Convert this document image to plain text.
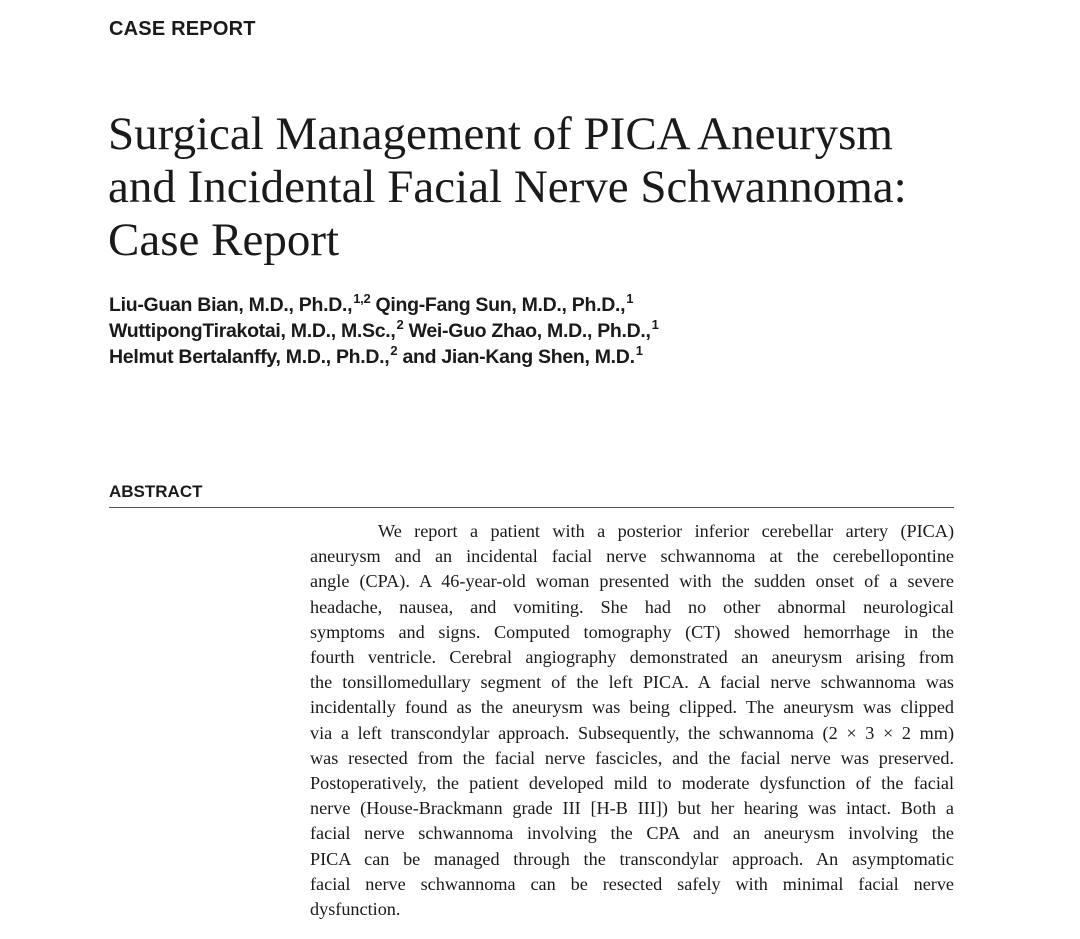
CASE REPORT
Surgical Management of PICA Aneurysm
and Incidental Facial Nerve Schwannoma:
Case Report
Liu-Guan Bian, M.D., Ph.D.,$^{1,2}$ Qing-Fang Sun, M.D., Ph.D.,$^1$
WuttipongTirakotai, M.D., M.Sc.,$^2$ Wei-Guo Zhao, M.D., Ph.D.,$^1$
Helmut Bertalanffy, M.D., Ph.D.,$^2$ and Jian-Kang Shen, M.D.$^1$
ABSTRACT
We report a patient with a posterior inferior cerebellar artery (PICA)
aneurysm and an incidental facial nerve schwannoma at the cerebellopontine
angle (CPA). A 46-year-old woman presented with the sudden onset of a severe
headache, nausea, and vomiting. She had no other abnormal neurological
symptoms and signs. Computed tomography (CT) showed hemorrhage in the
fourth ventricle. Cerebral angiography demonstrated an aneurysm arising from
the tonsillomedullary segment of the left PICA. A facial nerve schwannoma was
incidentally found as the aneurysm was being clipped. The aneurysm was clipped
via a left transcondylar approach. Subsequently, the schwannoma (2 × 3 × 2 mm)
was resected from the facial nerve fascicles, and the facial nerve was preserved.
Postoperatively, the patient developed mild to moderate dysfunction of the facial
nerve (House-Brackmann grade III [H-B III]) but her hearing was intact. Both a
facial nerve schwannoma involving the CPA and an aneurysm involving the
PICA can be managed through the transcondylar approach. An asymptomatic
facial nerve schwannoma can be resected safely with minimal facial nerve
dysfunction.
